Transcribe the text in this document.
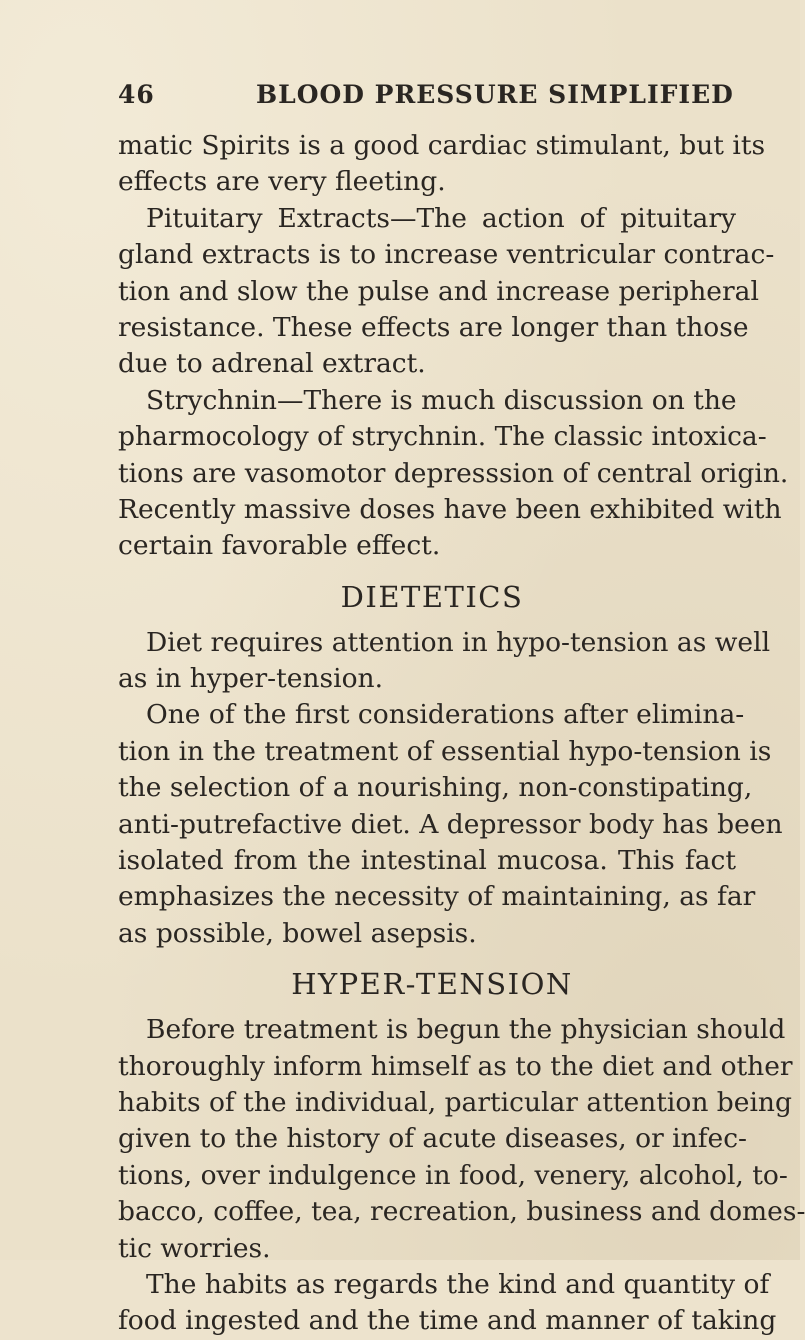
46	BLOOD PRESSURE SIMPLIFIED
matic Spirits is a good cardiac stimulant, but its
effects are very fleeting.
Pituitary Extracts—The action of pituitary
gland extracts is to increase ventricular contrac-
tion and slow the pulse and increase peripheral
resistance. These effects are longer than those
due to adrenal extract.
Strychnin—There is much discussion on the
pharmocology of strychnin. The classic intoxica-
tions are vasomotor depresssion of central origin.
Recently massive doses have been exhibited with
certain favorable effect.
DIETETICS
Diet requires attention in hypo-tension as well
as in hyper-tension.
One of the first considerations after elimina-
tion in the treatment of essential hypo-tension is
the selection of a nourishing, non-constipating,
anti-putrefactive diet. A depressor body has been
isolated from the intestinal mucosa. This fact
emphasizes the necessity of maintaining, as far
as possible, bowel asepsis.
HYPER-TENSION
Before treatment is begun the physician should
thoroughly inform himself as to the diet and other
habits of the individual, particular attention being
given to the history of acute diseases, or infec-
tions, over indulgence in food, venery, alcohol, to-
bacco, coffee, tea, recreation, business and domes-
tic worries.
The habits as regards the kind and quantity of
food ingested and the time and manner of taking
